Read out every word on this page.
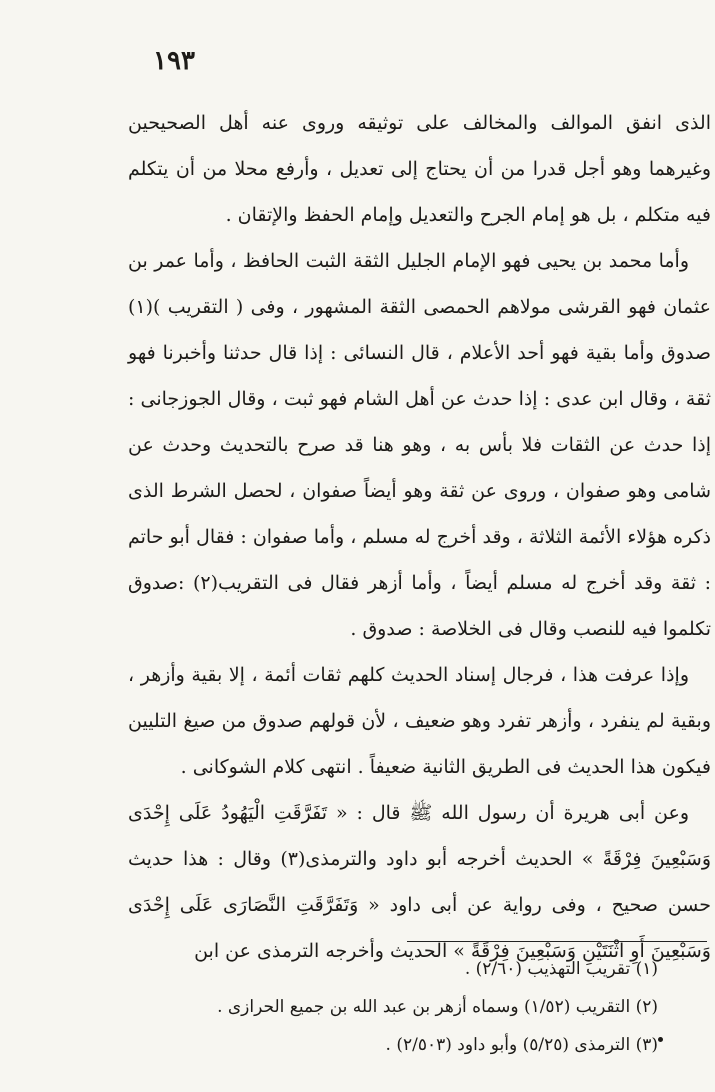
١٩٣

الذى انفق الموالف والمخالف على توثيقه وروى عنه أهل الصحيحين وغيرهما وهو أجل قدرا من أن يحتاج إلى تعديل ، وأرفع محلا من أن يتكلم فيه متكلم ، بل هو إمام الجرح والتعديل وإمام الحفظ والإتقان .

وأما محمد بن يحيى فهو الإمام الجليل الثقة الثبت الحافظ ، وأما عمر بن عثمان فهو القرشى مولاهم الحمصى الثقة المشهور ، وفى ( التقريب )(١) صدوق وأما بقية فهو أحد الأعلام ، قال النسائى : إذا قال حدثنا وأخبرنا فهو ثقة ، وقال ابن عدى : إذا حدث عن أهل الشام فهو ثبت ، وقال الجوزجانى : إذا حدث عن الثقات فلا بأس به ، وهو هنا قد صرح بالتحديث وحدث عن شامى وهو صفوان ، وروى عن ثقة وهو أيضاً صفوان ، لحصل الشرط الذى ذكره هؤلاء الأئمة الثلاثة ، وقد أخرج له مسلم ، وأما صفوان : فقال أبو حاتم : ثقة وقد أخرج له مسلم أيضاً ، وأما أزهر فقال فى التقريب(٢) :صدوق تكلموا فيه للنصب وقال فى الخلاصة : صدوق .

وإذا عرفت هذا ، فرجال إسناد الحديث كلهم ثقات أئمة ، إلا بقية وأزهر ، وبقية لم ينفرد ، وأزهر تفرد وهو ضعيف ، لأن قولهم صدوق من صيغ التليين فيكون هذا الحديث فى الطريق الثانية ضعيفاً . انتهى كلام الشوكانى .

وعن أبى هريرة أن رسول الله ﷺ قال : « تَفَرَّقَتِ الْيَهُودُ عَلَى إِحْدَى وَسَبْعِينَ فِرْقَةً » الحديث أخرجه أبو داود والترمذى(٣) وقال : هذا حديث حسن صحيح ، وفى رواية عن أبى داود « وَتَفَرَّقَتِ النَّصَارَى عَلَى إِحْدَى وَسَبْعِينَ أَوِ اثْنَتَيْنِ وَسَبْعِينَ فِرْقَةً » الحديث وأخرجه الترمذى عن ابن

(١) تقريب التهذيب (٢/٦٠) .

(٢) التقريب (١/٥٢) وسماه أزهر بن عبد الله بن جميع الحرازى .

(٣) الترمذى (٥/٢٥) وأبو داود (٢/٥٠٣) .
